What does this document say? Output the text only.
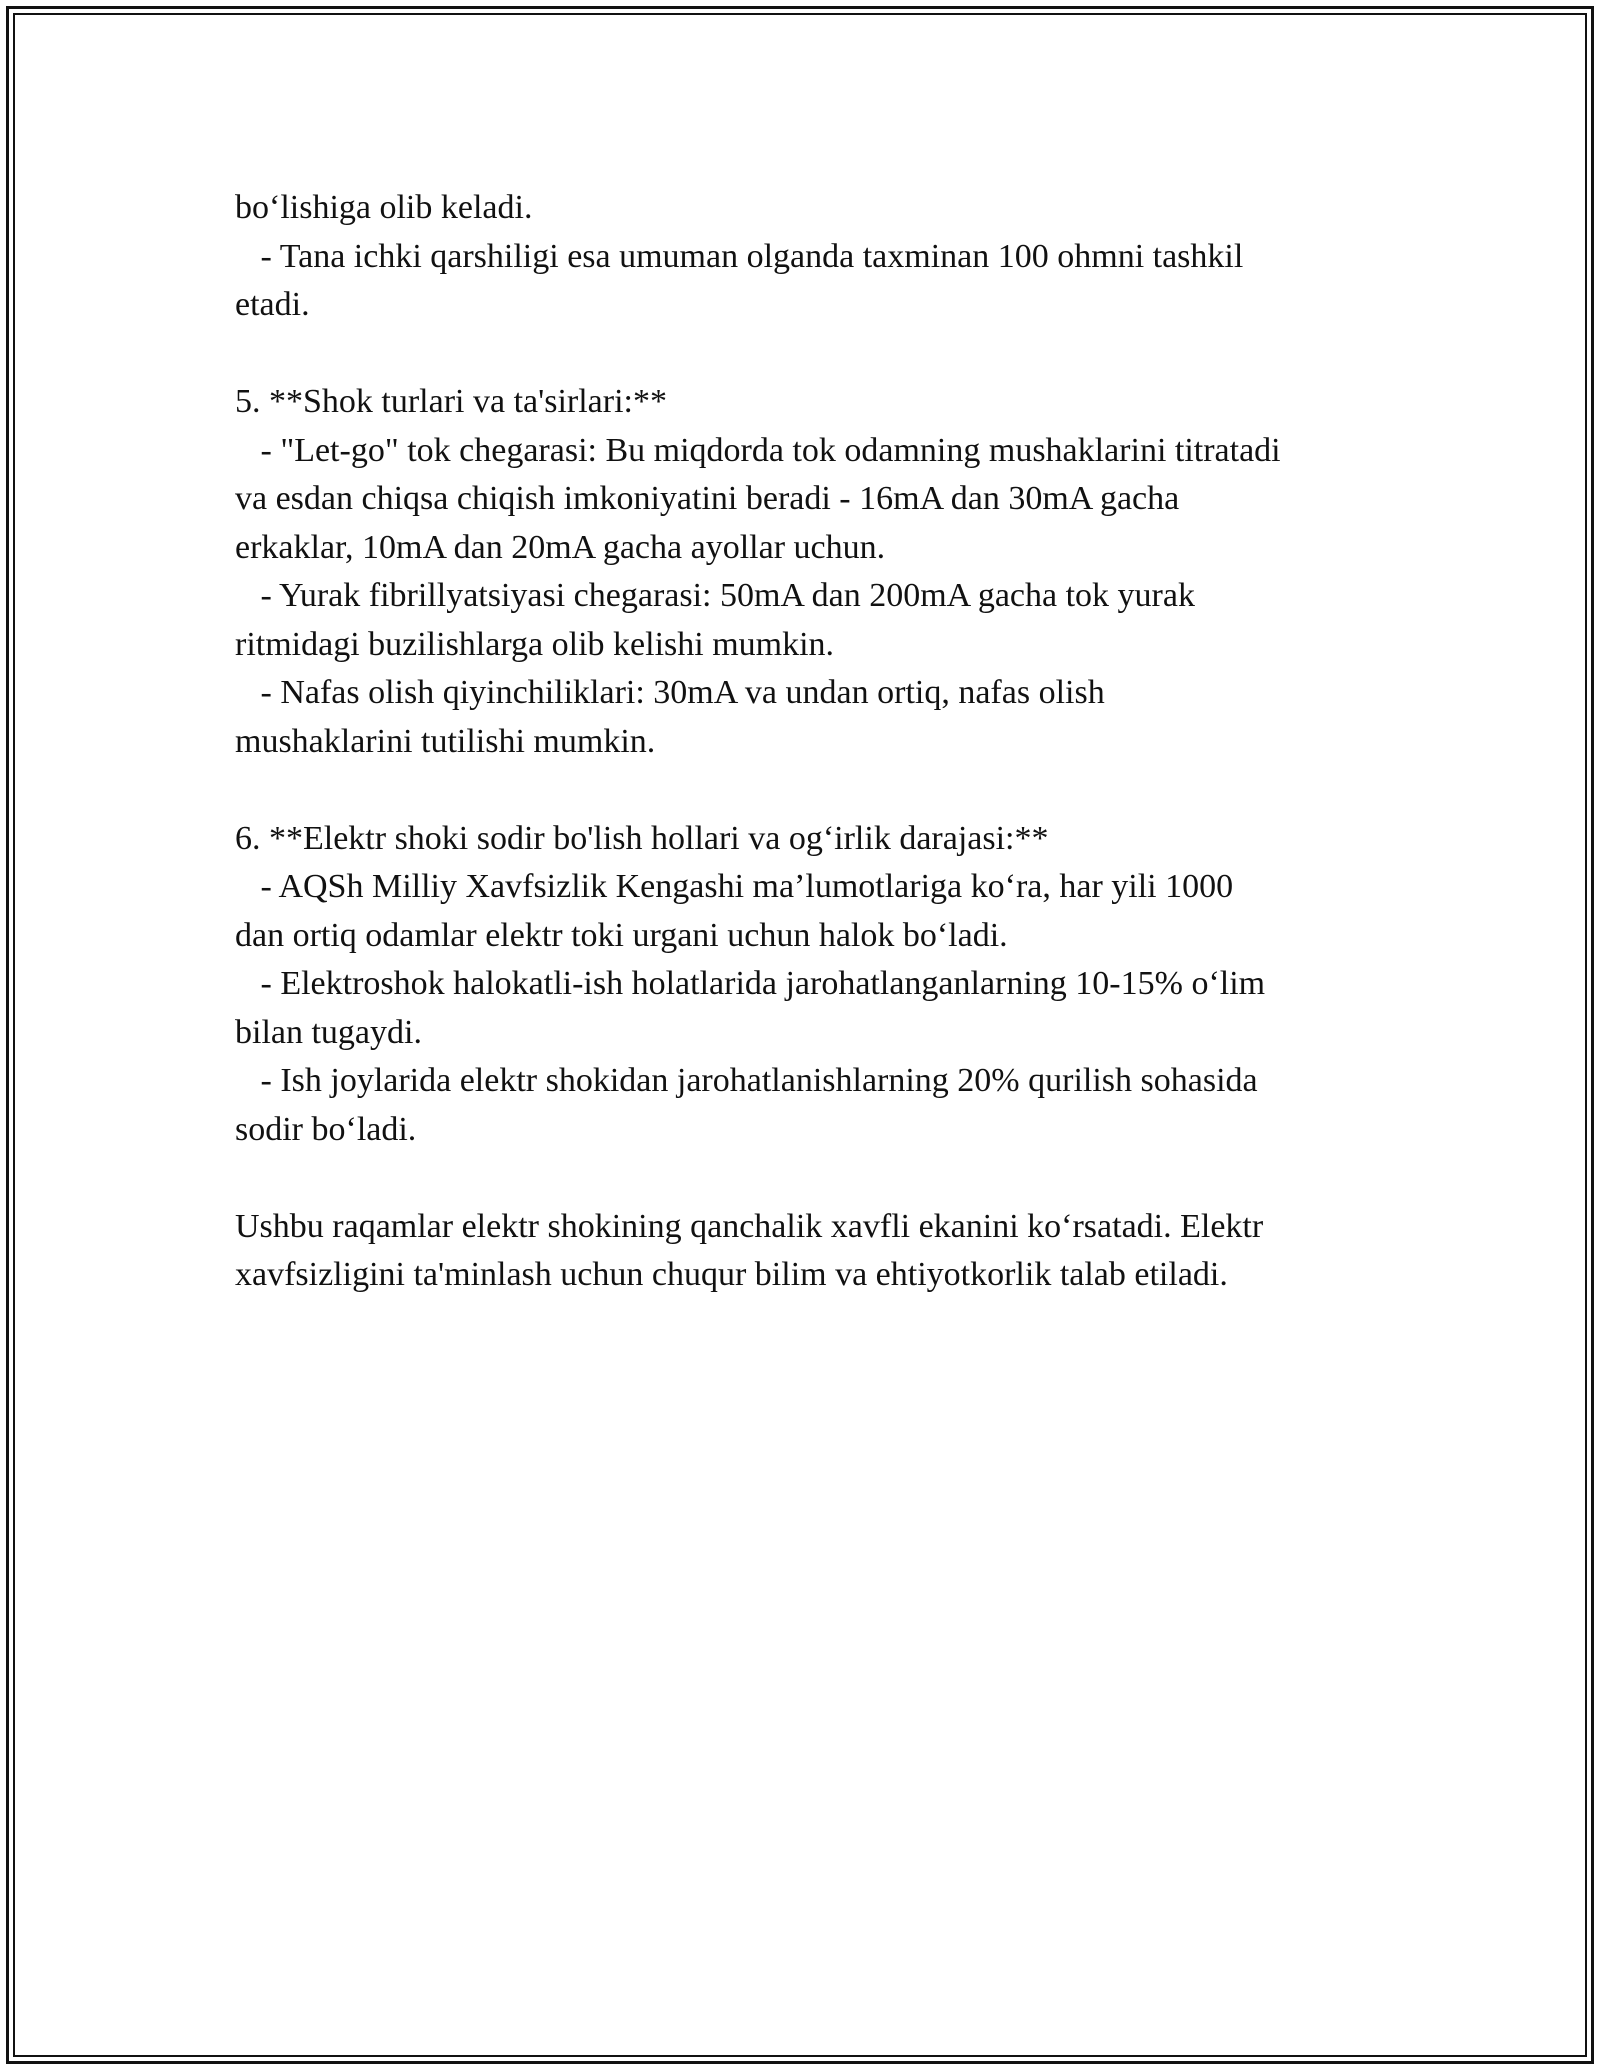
bo‘lishiga olib keladi.
- Tana ichki qarshiligi esa umuman olganda taxminan 100 ohmni tashkil
etadi.
5. **Shok turlari va ta'sirlari:**
- "Let-go" tok chegarasi: Bu miqdorda tok odamning mushaklarini titratadi
va esdan chiqsa chiqish imkoniyatini beradi - 16mA dan 30mA gacha
erkaklar, 10mA dan 20mA gacha ayollar uchun.
- Yurak fibrillyatsiyasi chegarasi: 50mA dan 200mA gacha tok yurak
ritmidagi buzilishlarga olib kelishi mumkin.
- Nafas olish qiyinchiliklari: 30mA va undan ortiq, nafas olish
mushaklarini tutilishi mumkin.
6. **Elektr shoki sodir bo'lish hollari va og‘irlik darajasi:**
- AQSh Milliy Xavfsizlik Kengashi ma’lumotlariga ko‘ra, har yili 1000
dan ortiq odamlar elektr toki urgani uchun halok bo‘ladi.
- Elektroshok halokatli-ish holatlarida jarohatlanganlarning 10-15% o‘lim
bilan tugaydi.
- Ish joylarida elektr shokidan jarohatlanishlarning 20% qurilish sohasida
sodir bo‘ladi.
Ushbu raqamlar elektr shokining qanchalik xavfli ekanini ko‘rsatadi. Elektr
xavfsizligini ta'minlash uchun chuqur bilim va ehtiyotkorlik talab etiladi.
